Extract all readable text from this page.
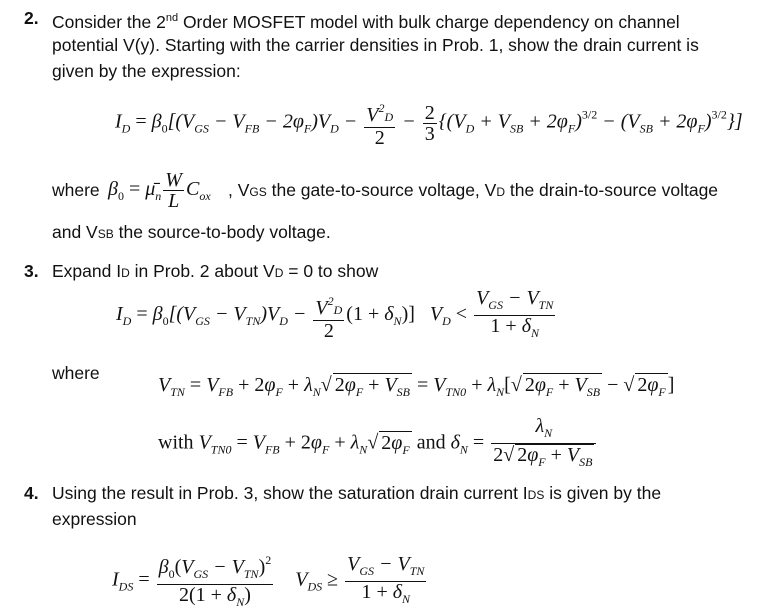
2. Consider the 2nd Order MOSFET model with bulk charge dependency on channel
potential V(y). Starting with the carrier densities in Prob. 1, show the drain current is
given by the expression:
$I_D = \beta_0[(V_{GS} - V_{FB} - 2\varphi_F)V_D - \frac{V^2D}{2} - \frac{2}{3} \{(V_D + V_{SB} + 2\varphi_F)^{3/2} - (V_{SB} + 2\varphi_F)^{3/2}\}]$
where $\beta_0$ = $\mū_n \frac{W}{L} C_{ox}$ , VGS the gate-to-source voltage, VD the drain-to-source voltage
and VSB the source-to-body voltage.
3. Expand ID in Prob. 2 about VD = 0 to show
$I_D = \beta_0[(V_{GS} - V_{TN})V_D - \frac{V^2D}{2} (1 + \delta_N)] V_D < \frac{V_{GS} - V_{TN}}{1 + \delta_N}$
where
$V_{TN} = V_{FB} + 2\varphi_F + \lambda_N√$ $2\varphi_F + V_{SB} = V_{TN0} + \lambda_N[√$ $2\varphi_F + V_{SB}$ − √ $2\varphi_F$ ]
with $V_{TN0} = V_{FB} + 2\varphi_F + \lambda_N√$ $2\varphi_F$ and $\delta_N = \frac{\lambda_N}{2√ 2\varphi_F + V_{SB}}$
4. Using the result in Prob. 3, show the saturation drain current IDS is given by the
expression
$I_{DS} = \frac{\beta_0(V_{GS} - V_{TN})^2}{2(1 + \delta_N)} V_{DS} \ge \frac{V_{GS} - V_{TN}}{1 + \delta_N}$
